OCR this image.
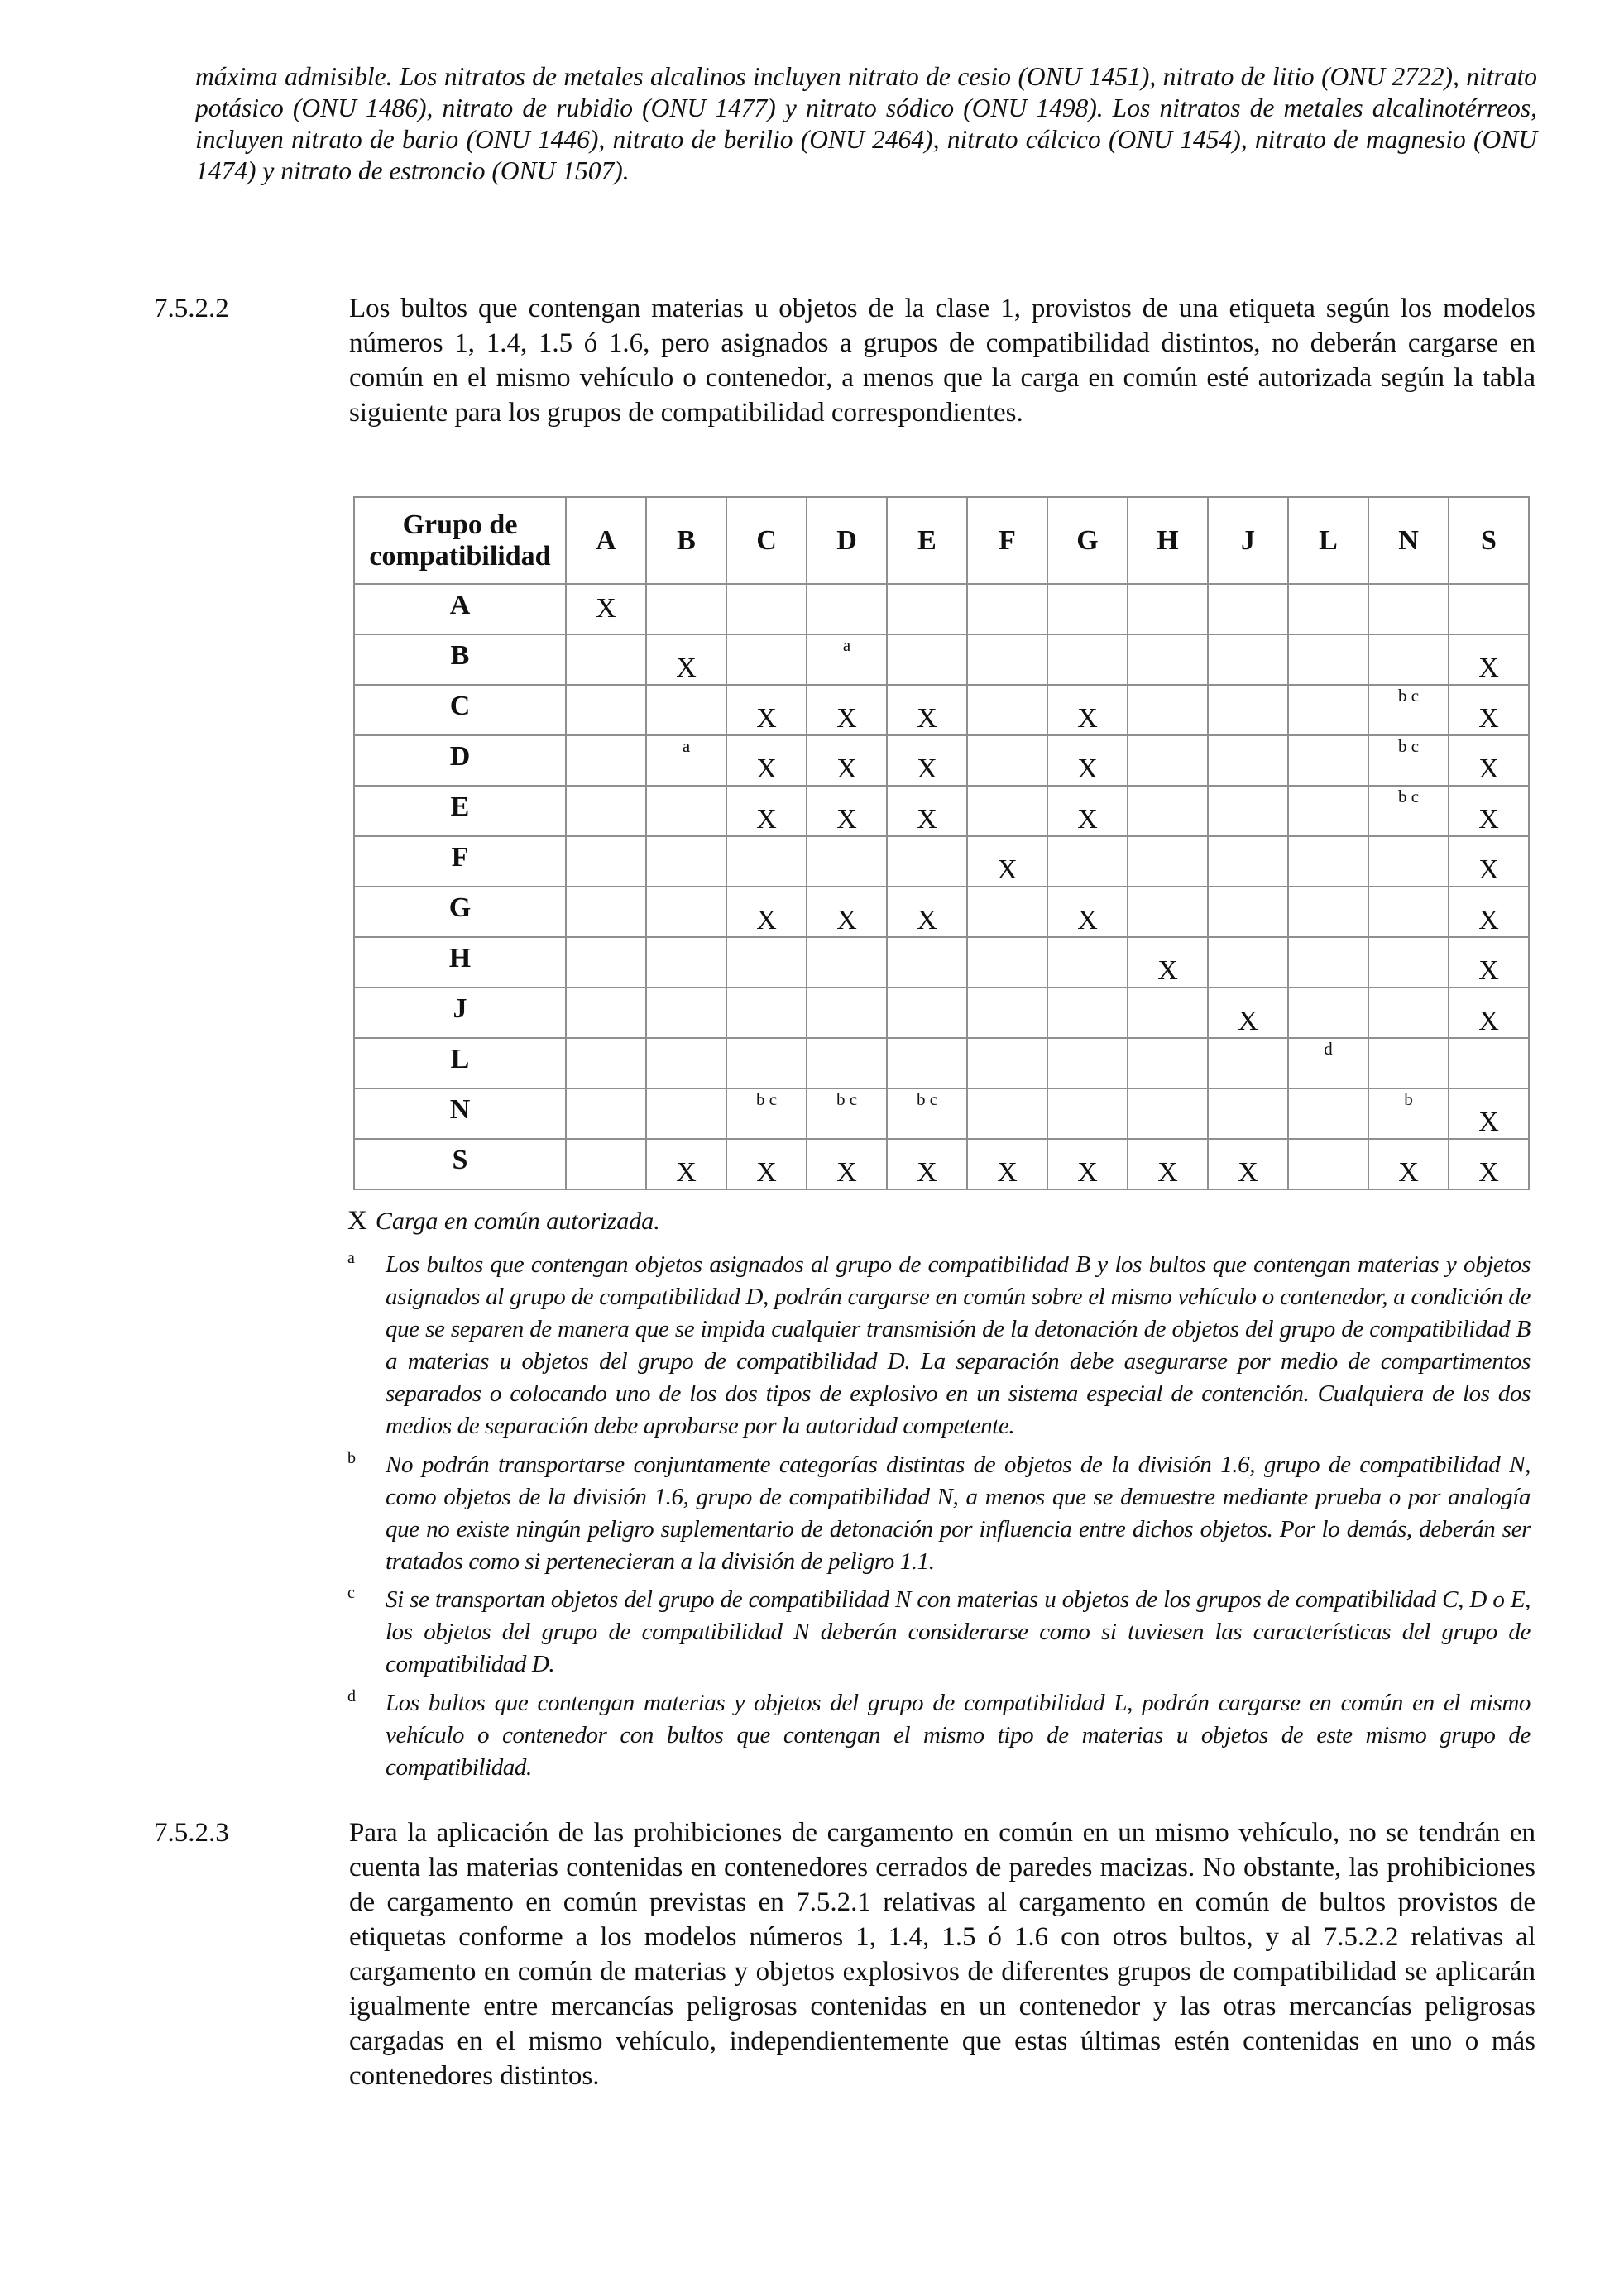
máxima admisible. Los nitratos de metales alcalinos incluyen nitrato de cesio (ONU 1451), nitrato de litio (ONU 2722), nitrato potásico (ONU 1486), nitrato de rubidio (ONU 1477) y nitrato sódico (ONU 1498). Los nitratos de metales alcalinotérreos, incluyen nitrato de bario (ONU 1446), nitrato de berilio (ONU 2464), nitrato cálcico (ONU 1454), nitrato de magnesio (ONU 1474) y nitrato de estroncio (ONU 1507).

7.5.2.2	Los bultos que contengan materias u objetos de la clase 1, provistos de una etiqueta según los modelos números 1, 1.4, 1.5 ó 1.6, pero asignados a grupos de compatibilidad distintos, no deberán cargarse en común en el mismo vehículo o contenedor, a menos que la carga en común esté autorizada según la tabla siguiente para los grupos de compatibilidad correspondientes.
Grupo de
compatibilidad	A	B	C	D	E	F	G	H	J	L	N	S
A	X											
B		X		a								X
C			X	X	X		X				b c	X
D		a	X	X	X		X				b c	X
E			X	X	X		X				b c	X
F						X						X
G			X	X	X		X					X
H								X				X
J									X			X
L										d		
N			b c	b c	b c						b	X
S		X	X	X	X	X	X	X	X		X	X
X Carga en común autorizada.
a Los bultos que contengan objetos asignados al grupo de compatibilidad B y los bultos que contengan materias y objetos asignados al grupo de compatibilidad D, podrán cargarse en común sobre el mismo vehículo o contenedor, a condición de que se separen de manera que se impida cualquier transmisión de la detonación de objetos del grupo de compatibilidad B a materias u objetos del grupo de compatibilidad D. La separación debe asegurarse por medio de compartimentos separados o colocando uno de los dos tipos de explosivo en un sistema especial de contención. Cualquiera de los dos medios de separación debe aprobarse por la autoridad competente.
b No podrán transportarse conjuntamente categorías distintas de objetos de la división 1.6, grupo de compatibilidad N, como objetos de la división 1.6, grupo de compatibilidad N, a menos que se demuestre mediante prueba o por analogía que no existe ningún peligro suplementario de detonación por influencia entre dichos objetos. Por lo demás, deberán ser tratados como si pertenecieran a la división de peligro 1.1.
c Si se transportan objetos del grupo de compatibilidad N con materias u objetos de los grupos de compatibilidad C, D o E, los objetos del grupo de compatibilidad N deberán considerarse como si tuviesen las características del grupo de compatibilidad D.
d Los bultos que contengan materias y objetos del grupo de compatibilidad L, podrán cargarse en común en el mismo vehículo o contenedor con bultos que contengan el mismo tipo de materias u objetos de este mismo grupo de compatibilidad.
7.5.2.3	Para la aplicación de las prohibiciones de cargamento en común en un mismo vehículo, no se tendrán en cuenta las materias contenidas en contenedores cerrados de paredes macizas. No obstante, las prohibiciones de cargamento en común previstas en 7.5.2.1 relativas al cargamento en común de bultos provistos de etiquetas conforme a los modelos números 1, 1.4, 1.5 ó 1.6 con otros bultos, y al 7.5.2.2 relativas al cargamento en común de materias y objetos explosivos de diferentes grupos de compatibilidad se aplicarán igualmente entre mercancías peligrosas contenidas en un contenedor y las otras mercancías peligrosas cargadas en el mismo vehículo, independientemente que estas últimas estén contenidas en uno o más contenedores distintos.
